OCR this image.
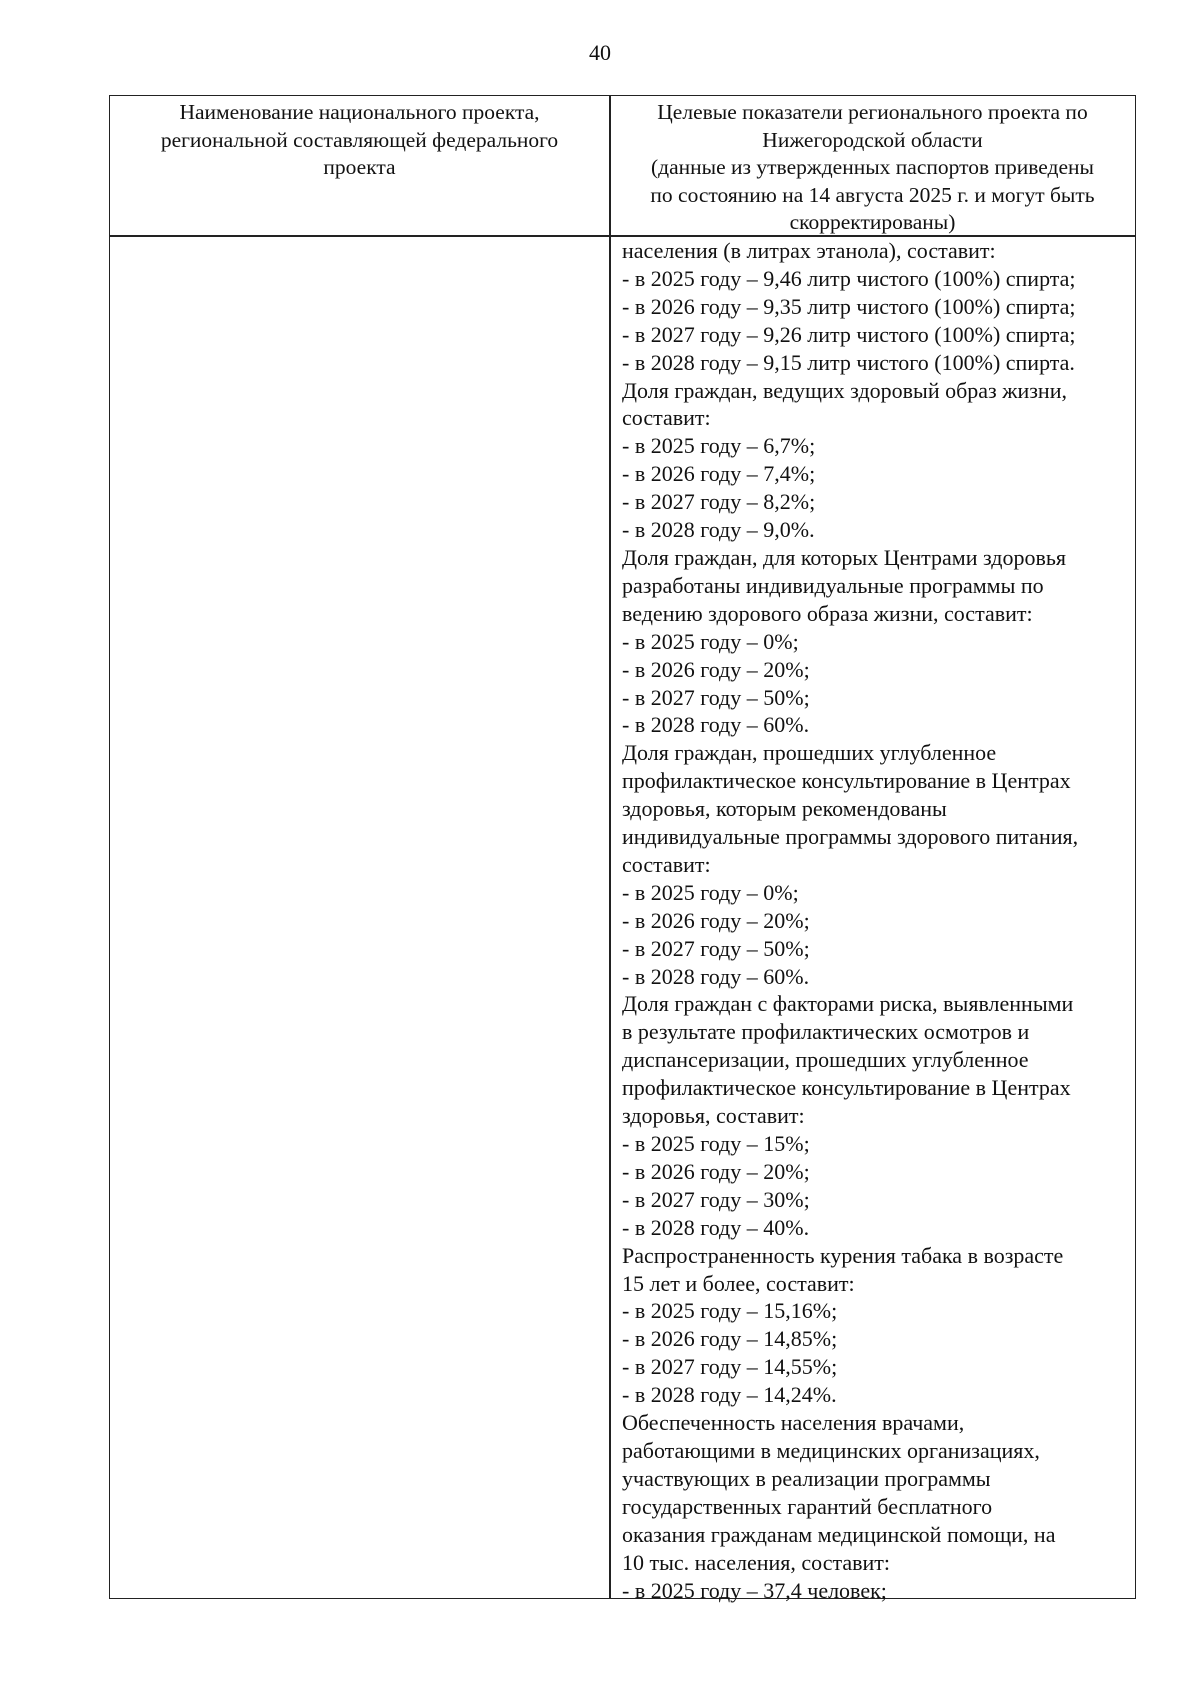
40
Наименование национального проекта,
региональной составляющей федерального
проекта
Целевые показатели регионального проекта по
Нижегородской области
(данные из утвержденных паспортов приведены
по состоянию на 14 августа 2025 г. и могут быть
скорректированы)
населения (в литрах этанола), составит:
- в 2025 году – 9,46 литр чистого (100%) спирта;
- в 2026 году – 9,35 литр чистого (100%) спирта;
- в 2027 году – 9,26 литр чистого (100%) спирта;
- в 2028 году – 9,15 литр чистого (100%) спирта.
Доля граждан, ведущих здоровый образ жизни,
составит:
- в 2025 году – 6,7%;
- в 2026 году – 7,4%;
- в 2027 году – 8,2%;
- в 2028 году – 9,0%.
Доля граждан, для которых Центрами здоровья
разработаны индивидуальные программы по
ведению здорового образа жизни, составит:
- в 2025 году – 0%;
- в 2026 году – 20%;
- в 2027 году – 50%;
- в 2028 году – 60%.
Доля граждан, прошедших углубленное
профилактическое консультирование в Центрах
здоровья, которым рекомендованы
индивидуальные программы здорового питания,
составит:
- в 2025 году – 0%;
- в 2026 году – 20%;
- в 2027 году – 50%;
- в 2028 году – 60%.
Доля граждан с факторами риска, выявленными
в результате профилактических осмотров и
диспансеризации, прошедших углубленное
профилактическое консультирование в Центрах
здоровья, составит:
- в 2025 году – 15%;
- в 2026 году – 20%;
- в 2027 году – 30%;
- в 2028 году – 40%.
Распространенность курения табака в возрасте
15 лет и более, составит:
- в 2025 году – 15,16%;
- в 2026 году – 14,85%;
- в 2027 году – 14,55%;
- в 2028 году – 14,24%.
Обеспеченность населения врачами,
работающими в медицинских организациях,
участвующих в реализации программы
государственных гарантий бесплатного
оказания гражданам медицинской помощи, на
10 тыс. населения, составит:
- в 2025 году – 37,4 человек;
